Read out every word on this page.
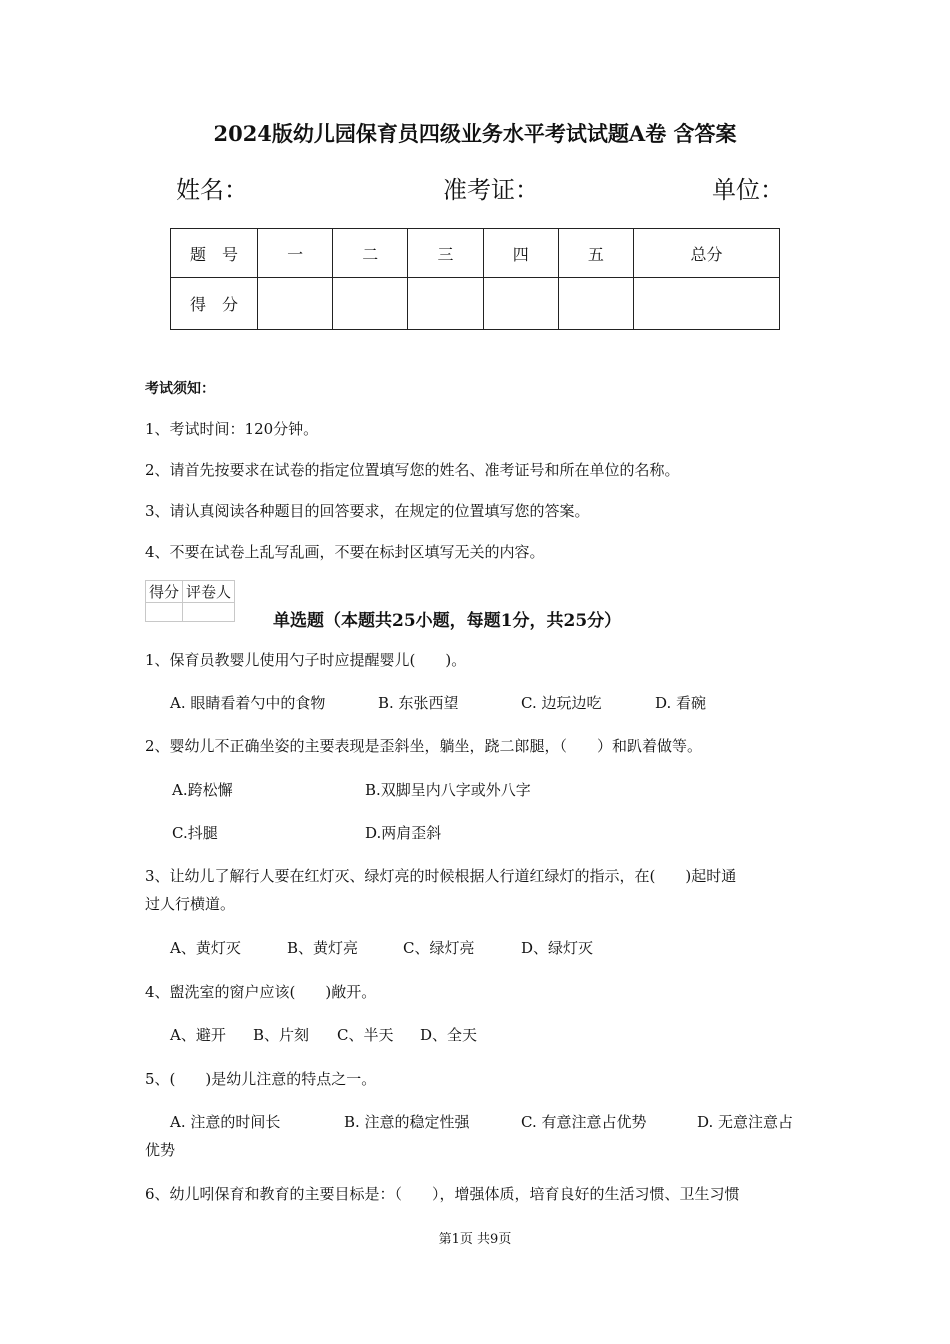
2024版幼儿园保育员四级业务水平考试试题A卷 含答案
姓名：	准考证：	单位：
题　号	一	二	三	四	五	总分
得　分						
考试须知：
1、考试时间：120分钟。
2、请首先按要求在试卷的指定位置填写您的姓名、准考证号和所在单位的名称。
3、请认真阅读各种题目的回答要求，在规定的位置填写您的答案。
4、不要在试卷上乱写乱画，不要在标封区填写无关的内容。
得分	评卷人

单选题（本题共25小题，每题1分，共25分）
1、保育员教婴儿使用勺子时应提醒婴儿(　　)。
A. 眼睛看着勺中的食物	B. 东张西望	C. 边玩边吃	D. 看碗
2、婴幼儿不正确坐姿的主要表现是歪斜坐，躺坐，跷二郎腿，（　　）和趴着做等。
A.跨松懈	B.双脚呈内八字或外八字
C.抖腿	D.两肩歪斜
3、让幼儿了解行人要在红灯灭、绿灯亮的时候根据人行道红绿灯的指示，在(　　)起时通
过人行横道。
A、黄灯灭	B、黄灯亮	C、绿灯亮	D、绿灯灭
4、盥洗室的窗户应该(　　)敞开。
A、避开 B、片刻 C、半天 D、全天
5、(　　)是幼儿注意的特点之一。
A. 注意的时间长	B. 注意的稳定性强	C. 有意注意占优势	D. 无意注意占
优势
6、幼儿吲保育和教育的主要目标是：（　　），增强体质，培育良好的生活习惯、卫生习惯
第1页 共9页
